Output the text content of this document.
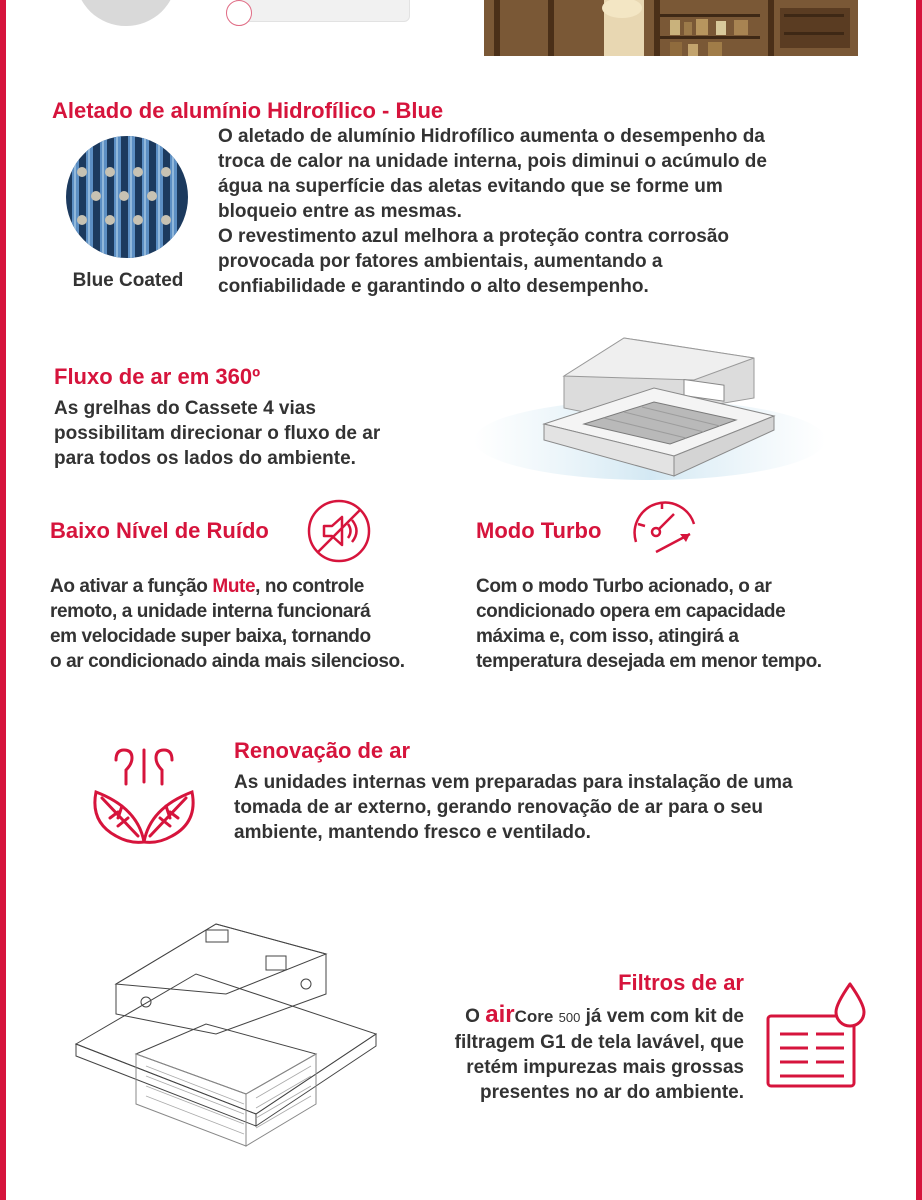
Aletado de alumínio Hidrofílico - Blue
Blue Coated

O aletado de alumínio Hidrofílico aumenta o desempenho da

troca de calor na unidade interna, pois diminui o acúmulo de

água na superfície das aletas evitando que se forme um

bloqueio entre as mesmas.

O revestimento azul melhora a proteção contra corrosão

provocada por fatores ambientais, aumentando a

confiabilidade e garantindo o alto desempenho.

Fluxo de ar em 360º

As grelhas do Cassete 4 vias

possibilitam direcionar o fluxo de ar

para todos os lados do ambiente.

Baixo Nível de Ruído

Ao ativar a função Mute, no controle

remoto, a unidade interna funcionará

em velocidade super baixa, tornando

o ar condicionado ainda mais silencioso.

Modo Turbo

Com o modo Turbo acionado, o ar

condicionado opera em capacidade

máxima e, com isso, atingirá a

temperatura desejada em menor tempo.

Renovação de ar

As unidades internas vem preparadas para instalação de uma

tomada de ar externo, gerando renovação de ar para o seu

ambiente, mantendo fresco e ventilado.

Filtros de ar

O airCore 500 já vem com kit de

filtragem G1 de tela lavável, que

retém impurezas mais grossas

presentes no ar do ambiente.
